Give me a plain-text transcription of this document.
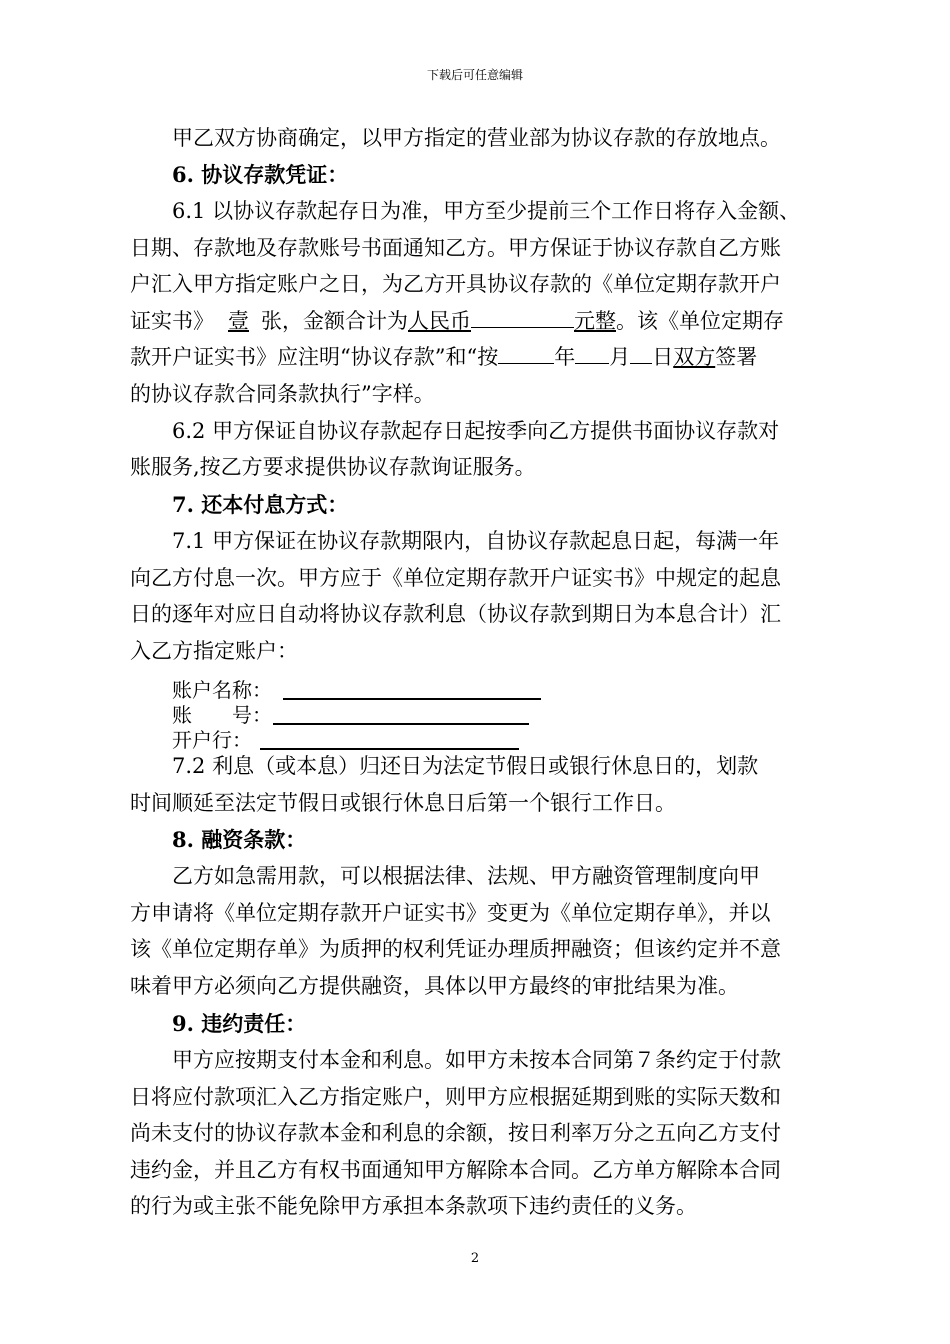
下载后可任意编辑
甲乙双方协商确定，以甲方指定的营业部为协议存款的存放地点。
6. 协议存款凭证：
6.1 以协议存款起存日为准，甲方至少提前三个工作日将存入金额、
日期、存款地及存款账号书面通知乙方。甲方保证于协议存款自乙方账
户汇入甲方指定账户之日，为乙方开具协议存款的《单位定期存款开户
证实书》 壹 张，金额合计为人民币	元整。该《单位定期存
款开户证实书》应注明“协议存款”和“按	年 月 日双方签署
的协议存款合同条款执行”字样。
6.2 甲方保证自协议存款起存日起按季向乙方提供书面协议存款对
账服务,按乙方要求提供协议存款询证服务。
7. 还本付息方式：
7.1 甲方保证在协议存款期限内，自协议存款起息日起，每满一年
向乙方付息一次。甲方应于《单位定期存款开户证实书》中规定的起息
日的逐年对应日自动将协议存款利息（协议存款到期日为本息合计）汇
入乙方指定账户：
账户名称：
账　　号：
开户行：
7.2 利息（或本息）归还日为法定节假日或银行休息日的，划款
时间顺延至法定节假日或银行休息日后第一个银行工作日。
8. 融资条款：
乙方如急需用款，可以根据法律、法规、甲方融资管理制度向甲
方申请将《单位定期存款开户证实书》变更为《单位定期存单》，并以
该《单位定期存单》为质押的权利凭证办理质押融资；但该约定并不意
味着甲方必须向乙方提供融资，具体以甲方最终的审批结果为准。
9. 违约责任：
甲方应按期支付本金和利息。如甲方未按本合同第７条约定于付款
日将应付款项汇入乙方指定账户，则甲方应根据延期到账的实际天数和
尚未支付的协议存款本金和利息的余额，按日利率万分之五向乙方支付
违约金，并且乙方有权书面通知甲方解除本合同。乙方单方解除本合同
的行为或主张不能免除甲方承担本条款项下违约责任的义务。
2
